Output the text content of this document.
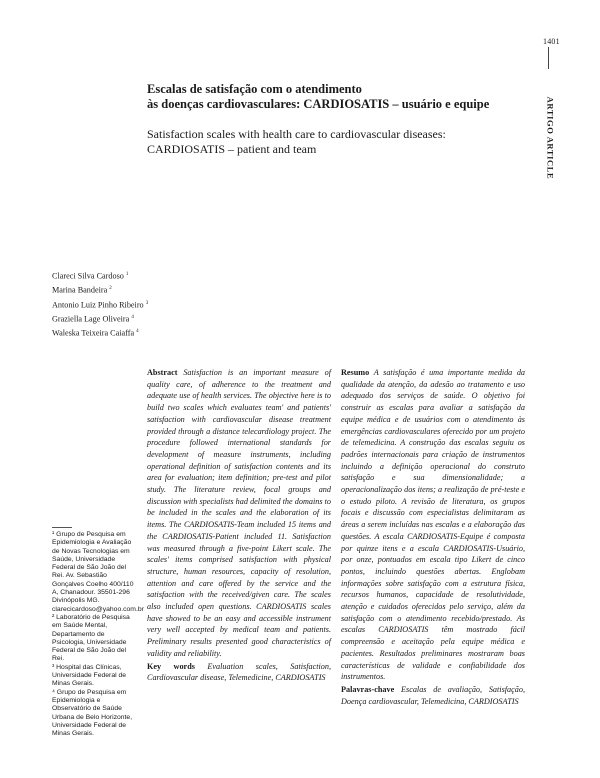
1401
ARTIGO ARTICLE
Escalas de satisfação com o atendimento
às doenças cardiovasculares: CARDIOSATIS – usuário e equipe
Satisfaction scales with health care to cardiovascular diseases:
CARDIOSATIS – patient and team
Clareci Silva Cardoso $^1$
Marina Bandeira $^2$
Antonio Luiz Pinho Ribeiro $^3$
Graziella Lage Oliveira $^4$
Waleska Teixeira Caiaffa $^4$

¹ Grupo de Pesquisa em Epidemiologia e Avaliação de Novas Tecnologias em Saúde, Universidade Federal de São João del Rei. Av. Sebastião Gonçalves Coelho 400/110 A, Chanadour. 35501-296 Divinópolis MG.

clarecicardoso@yahoo.com.br

² Laboratório de Pesquisa em Saúde Mental, Departamento de Psicologia, Universidade Federal de São João del Rei.

³ Hospital das Clínicas, Universidade Federal de Minas Gerais.

⁴ Grupo de Pesquisa em Epidemiologia e Observatório de Saúde Urbana de Belo Horizonte, Universidade Federal de Minas Gerais.

Abstract Satisfaction is an important measure of quality care, of adherence to the treatment and adequate use of health services. The objective here is to build two scales which evaluates team' and patients' satisfaction with cardiovascular disease treatment provided through a distance telecardiology project. The procedure followed international standards for development of measure instruments, including operational definition of satisfaction contents and its area for evaluation; item definition; pre-test and pilot study. The literature review, focal groups and discussion with specialists had delimited the domains to be included in the scales and the elaboration of its items. The CARDIOSATIS-Team included 15 items and the CARDIOSATIS-Patient included 11. Satisfaction was measured through a five-point Likert scale. The scales' items comprised satisfaction with physical structure, human resources, capacity of resolution, attention and care offered by the service and the satisfaction with the received/given care. The scales also included open questions. CARDIOSATIS scales have showed to be an easy and accessible instrument very well accepted by medical team and patients. Preliminary results presented good characteristics of validity and reliability.

Key words Evaluation scales, Satisfaction, Cardiovascular disease, Telemedicine, CARDIOSATIS

Resumo A satisfação é uma importante medida da qualidade da atenção, da adesão ao tratamento e uso adequado dos serviços de saúde. O objetivo foi construir as escalas para avaliar a satisfação da equipe médica e de usuários com o atendimento às emergências cardiovasculares oferecido por um projeto de telemedicina. A construção das escalas seguiu os padrões internacionais para criação de instrumentos incluindo a definição operacional do construto satisfação e sua dimensionalidade; a operacionalização dos itens; a realização de pré-teste e o estudo piloto. A revisão de literatura, os grupos focais e discussão com especialistas delimitaram as áreas a serem incluídas nas escalas e a elaboração das questões. A escala CARDIOSATIS-Equipe é composta por quinze itens e a escala CARDIOSATIS-Usuário, por onze, pontuados em escala tipo Likert de cinco pontos, incluindo questões abertas. Englobam informações sobre satisfação com a estrutura física, recursos humanos, capacidade de resolutividade, atenção e cuidados oferecidos pelo serviço, além da satisfação com o atendimento recebido/prestado. As escalas CARDIOSATIS têm mostrado fácil compreensão e aceitação pela equipe médica e pacientes. Resultados preliminares mostraram boas características de validade e confiabilidade dos instrumentos.

Palavras-chave Escalas de avaliação, Satisfação, Doença cardiovascular, Telemedicina, CARDIOSATIS
